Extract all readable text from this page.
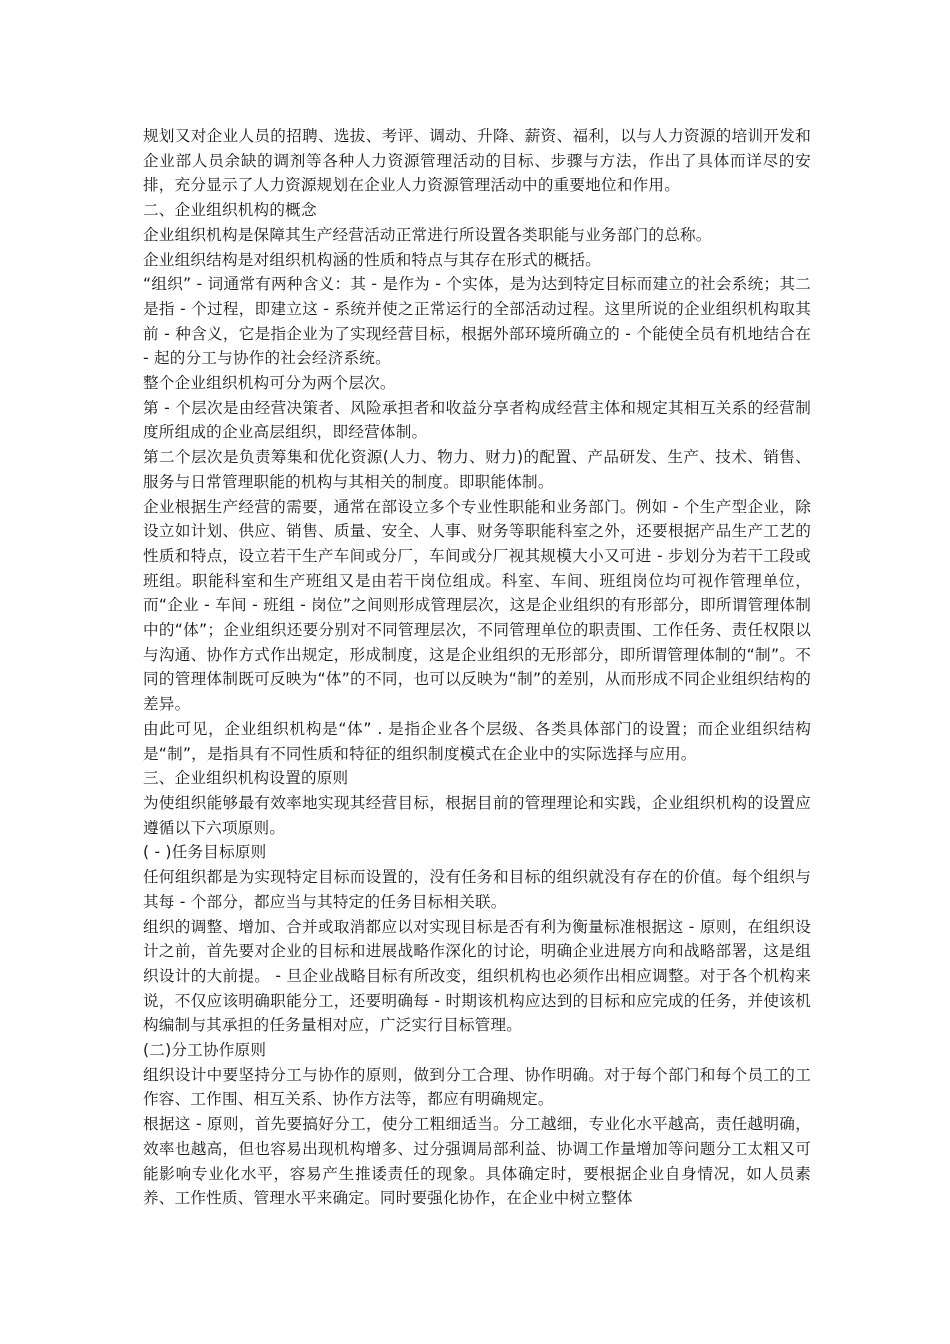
规划又对企业人员的招聘、选拔、考评、调动、升降、薪资、福利，以与人力资源的培训开发和企业部人员余缺的调剂等各种人力资源管理活动的目标、步骤与方法，作出了具体而详尽的安排，充分显示了人力资源规划在企业人力资源管理活动中的重要地位和作用。

二、企业组织机构的概念

企业组织机构是保障其生产经营活动正常进行所设置各类职能与业务部门的总称。

企业组织结构是对组织机构涵的性质和特点与其存在形式的概括。

“组织” - 词通常有两种含义：其 - 是作为 - 个实体，是为达到特定目标而建立的社会系统；其二是指 - 个过程，即建立这 - 系统并使之正常运行的全部活动过程。这里所说的企业组织机构取其前 - 种含义，它是指企业为了实现经营目标，根据外部环境所确立的 - 个能使全员有机地结合在 - 起的分工与协作的社会经济系统。

整个企业组织机构可分为两个层次。

第 - 个层次是由经营决策者、风险承担者和收益分享者构成经营主体和规定其相互关系的经营制度所组成的企业高层组织，即经营体制。

第二个层次是负责筹集和优化资源(人力、物力、财力)的配置、产品研发、生产、技术、销售、服务与日常管理职能的机构与其相关的制度。即职能体制。

企业根据生产经营的需要，通常在部设立多个专业性职能和业务部门。例如 - 个生产型企业，除设立如计划、供应、销售、质量、安全、人事、财务等职能科室之外，还要根据产品生产工艺的性质和特点，设立若干生产车间或分厂，车间或分厂视其规模大小又可进 - 步划分为若干工段或班组。职能科室和生产班组又是由若干岗位组成。科室、车间、班组岗位均可视作管理单位，而“企业 - 车间 - 班组 - 岗位”之间则形成管理层次，这是企业组织的有形部分，即所谓管理体制中的“体”；企业组织还要分别对不同管理层次，不同管理单位的职责围、工作任务、责任权限以与沟通、协作方式作出规定，形成制度，这是企业组织的无形部分，即所谓管理体制的“制”。不同的管理体制既可反映为“体”的不同，也可以反映为“制”的差别，从而形成不同企业组织结构的差异。

由此可见，企业组织机构是“体” . 是指企业各个层级、各类具体部门的设置；而企业组织结构是“制”，是指具有不同性质和特征的组织制度模式在企业中的实际选择与应用。

三、企业组织机构设置的原则

为使组织能够最有效率地实现其经营目标，根据目前的管理理论和实践，企业组织机构的设置应遵循以下六项原则。

( - )任务目标原则

任何组织都是为实现特定目标而设置的，没有任务和目标的组织就没有存在的价值。每个组织与其每 - 个部分，都应当与其特定的任务目标相关联。

组织的调整、增加、合并或取消都应以对实现目标是否有利为衡量标准根据这 - 原则，在组织设计之前，首先要对企业的目标和进展战略作深化的讨论，明确企业进展方向和战略部署，这是组织设计的大前提。 - 旦企业战略目标有所改变，组织机构也必须作出相应调整。对于各个机构来说，不仅应该明确职能分工，还要明确每 - 时期该机构应达到的目标和应完成的任务，并使该机构编制与其承担的任务量相对应，广泛实行目标管理。

(二)分工协作原则

组织设计中要坚持分工与协作的原则，做到分工合理、协作明确。对于每个部门和每个员工的工作容、工作围、相互关系、协作方法等，都应有明确规定。

根据这 - 原则，首先要搞好分工，使分工粗细适当。分工越细，专业化水平越高，责任越明确，效率也越高，但也容易出现机构增多、过分强调局部利益、协调工作量增加等问题分工太粗又可能影响专业化水平，容易产生推诿责任的现象。具体确定时，要根据企业自身情况，如人员素养、工作性质、管理水平来确定。同时要强化协作，在企业中树立整体
